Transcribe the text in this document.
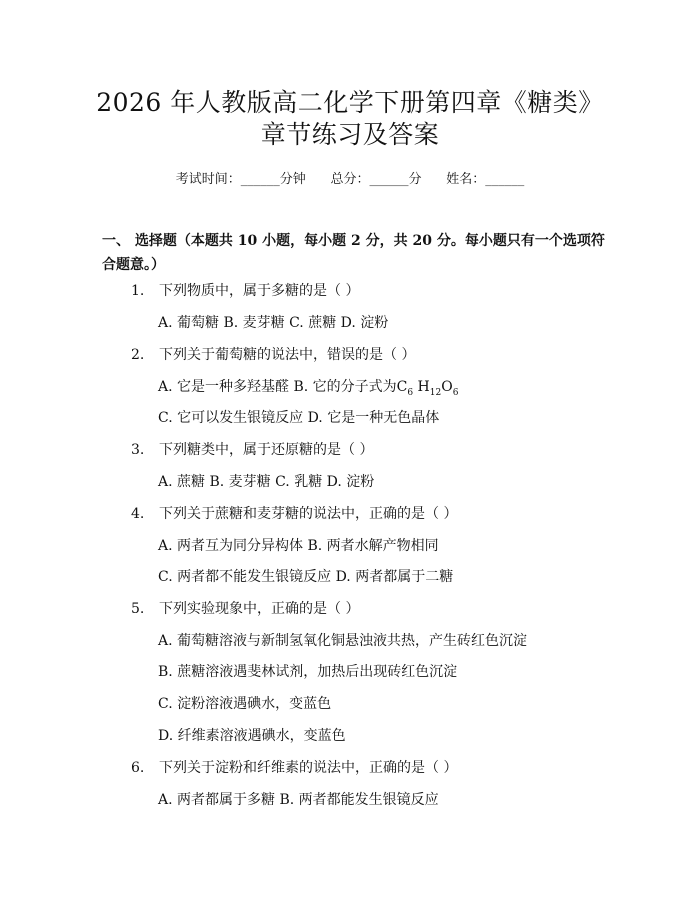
2026 年人教版高二化学下册第四章《糖类》
章节练习及答案
考试时间：______分钟      总分：______分      姓名：______
一、 选择题（本题共 10 小题，每小题 2 分，共 20 分。每小题只有一个选项符合题意。）
1. 下列物质中，属于多糖的是（ ）
A. 葡萄糖 B. 麦芽糖 C. 蔗糖 D. 淀粉
2. 下列关于葡萄糖的说法中，错误的是（ ）
A. 它是一种多羟基醛 B. 它的分子式为$C_6$ $H_{12}O_6$
C. 它可以发生银镜反应 D. 它是一种无色晶体
3. 下列糖类中，属于还原糖的是（ ）
A. 蔗糖 B. 麦芽糖 C. 乳糖 D. 淀粉
4. 下列关于蔗糖和麦芽糖的说法中，正确的是（ ）
A. 两者互为同分异构体 B. 两者水解产物相同
C. 两者都不能发生银镜反应 D. 两者都属于二糖
5. 下列实验现象中，正确的是（ ）
A. 葡萄糖溶液与新制氢氧化铜悬浊液共热，产生砖红色沉淀
B. 蔗糖溶液遇斐林试剂，加热后出现砖红色沉淀
C. 淀粉溶液遇碘水，变蓝色
D. 纤维素溶液遇碘水，变蓝色
6. 下列关于淀粉和纤维素的说法中，正确的是（ ）
A. 两者都属于多糖 B. 两者都能发生银镜反应
